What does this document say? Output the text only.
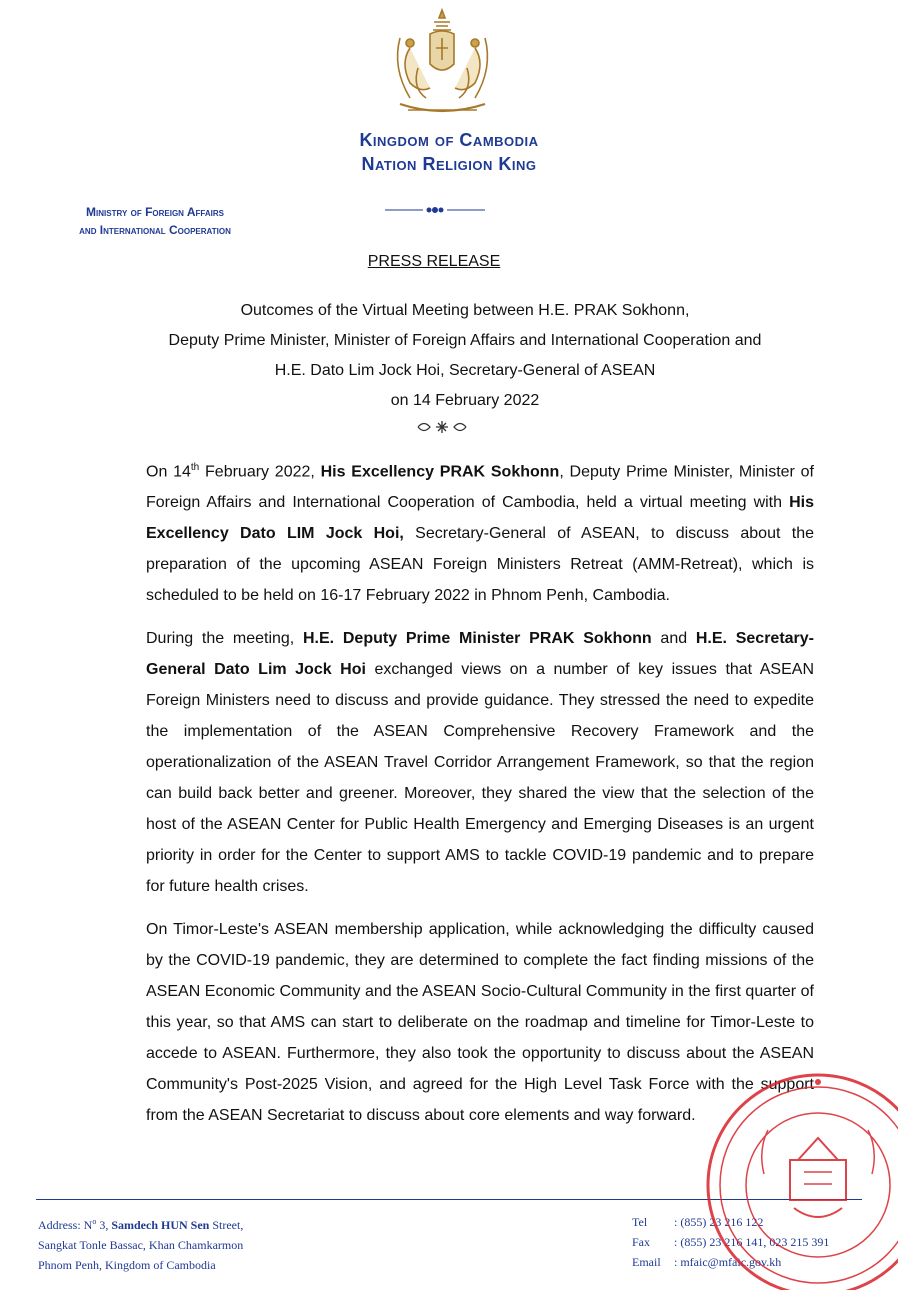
Kingdom of Cambodia
Nation Religion King
Ministry of Foreign Affairs
and International Cooperation
PRESS RELEASE
Outcomes of the Virtual Meeting between H.E. PRAK Sokhonn,
Deputy Prime Minister, Minister of Foreign Affairs and International Cooperation and
H.E. Dato Lim Jock Hoi, Secretary-General of ASEAN
on 14 February 2022

On 14th February 2022, His Excellency PRAK Sokhonn, Deputy Prime Minister, Minister of Foreign Affairs and International Cooperation of Cambodia, held a virtual meeting with His Excellency Dato LIM Jock Hoi, Secretary-General of ASEAN, to discuss about the preparation of the upcoming ASEAN Foreign Ministers Retreat (AMM-Retreat), which is scheduled to be held on 16-17 February 2022 in Phnom Penh, Cambodia.

During the meeting, H.E. Deputy Prime Minister PRAK Sokhonn and H.E. Secretary-General Dato Lim Jock Hoi exchanged views on a number of key issues that ASEAN Foreign Ministers need to discuss and provide guidance. They stressed the need to expedite the implementation of the ASEAN Comprehensive Recovery Framework and the operationalization of the ASEAN Travel Corridor Arrangement Framework, so that the region can build back better and greener. Moreover, they shared the view that the selection of the host of the ASEAN Center for Public Health Emergency and Emerging Diseases is an urgent priority in order for the Center to support AMS to tackle COVID-19 pandemic and to prepare for future health crises.

On Timor-Leste's ASEAN membership application, while acknowledging the difficulty caused by the COVID-19 pandemic, they are determined to complete the fact finding missions of the ASEAN Economic Community and the ASEAN Socio-Cultural Community in the first quarter of this year, so that AMS can start to deliberate on the roadmap and timeline for Timor-Leste to accede to ASEAN. Furthermore, they also took the opportunity to discuss about the ASEAN Community's Post-2025 Vision, and agreed for the High Level Task Force with the support from the ASEAN Secretariat to discuss about core elements and way forward.

Address: $N^o$ 3, Samdech HUN Sen Street,
Sangkat Tonle Bassac, Khan Chamkarmon
Phnom Penh, Kingdom of Cambodia
Tel : (855) 23 216 122
Fax : (855) 23 216 141, 023 215 391
Email : mfaic@mfaic.gov.kh
